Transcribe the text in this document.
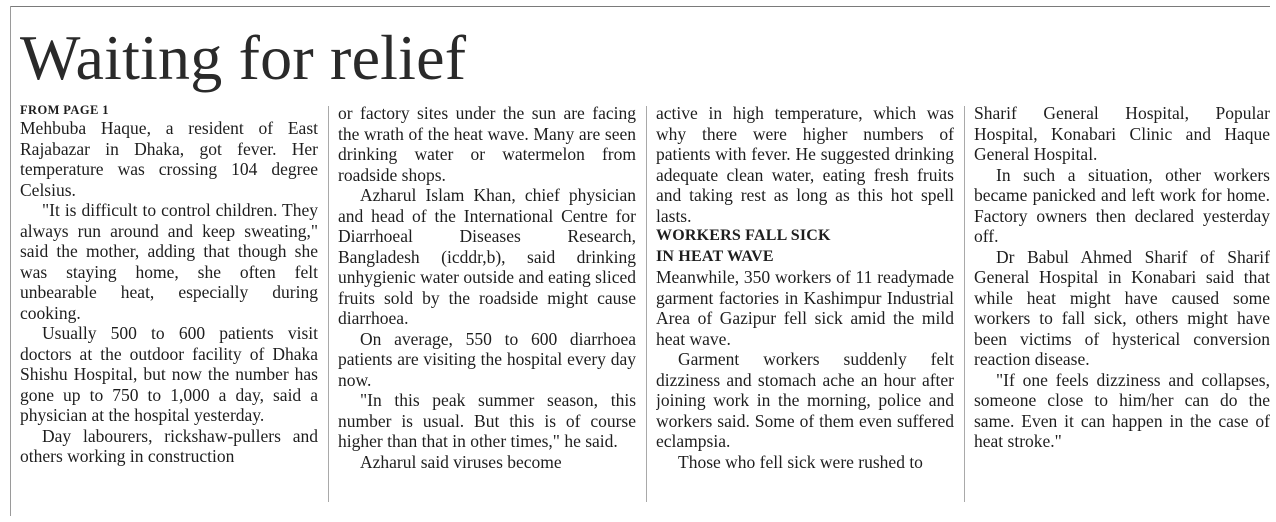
Waiting for relief
FROM PAGE 1

Mehbuba Haque, a resident of East Rajabazar in Dhaka, got fever. Her temperature was crossing 104 degree Celsius.

"It is difficult to control children. They always run around and keep sweating," said the mother, adding that though she was staying home, she often felt unbearable heat, especially during cooking.

Usually 500 to 600 patients visit doctors at the outdoor facility of Dhaka Shishu Hospital, but now the number has gone up to 750 to 1,000 a day, said a physician at the hospital yesterday.

Day labourers, rickshaw-pullers and others working in construction

or factory sites under the sun are facing the wrath of the heat wave. Many are seen drinking water or watermelon from roadside shops.

Azharul Islam Khan, chief physician and head of the International Centre for Diarrhoeal Diseases Research, Bangladesh (icddr,b), said drinking unhygienic water outside and eating sliced fruits sold by the roadside might cause diarrhoea.

On average, 550 to 600 diarrhoea patients are visiting the hospital every day now.

"In this peak summer season, this number is usual. But this is of course higher than that in other times," he said.

Azharul said viruses become

active in high temperature, which was why there were higher numbers of patients with fever. He suggested drinking adequate clean water, eating fresh fruits and taking rest as long as this hot spell lasts.

WORKERS FALL SICK
IN HEAT WAVE

Meanwhile, 350 workers of 11 readymade garment factories in Kashimpur Industrial Area of Gazipur fell sick amid the mild heat wave.

Garment workers suddenly felt dizziness and stomach ache an hour after joining work in the morning, police and workers said. Some of them even suffered eclampsia.

Those who fell sick were rushed to

Sharif General Hospital, Popular Hospital, Konabari Clinic and Haque General Hospital.

In such a situation, other workers became panicked and left work for home. Factory owners then declared yesterday off.

Dr Babul Ahmed Sharif of Sharif General Hospital in Konabari said that while heat might have caused some workers to fall sick, others might have been victims of hysterical conversion reaction disease.

"If one feels dizziness and collapses, someone close to him/her can do the same. Even it can happen in the case of heat stroke."
